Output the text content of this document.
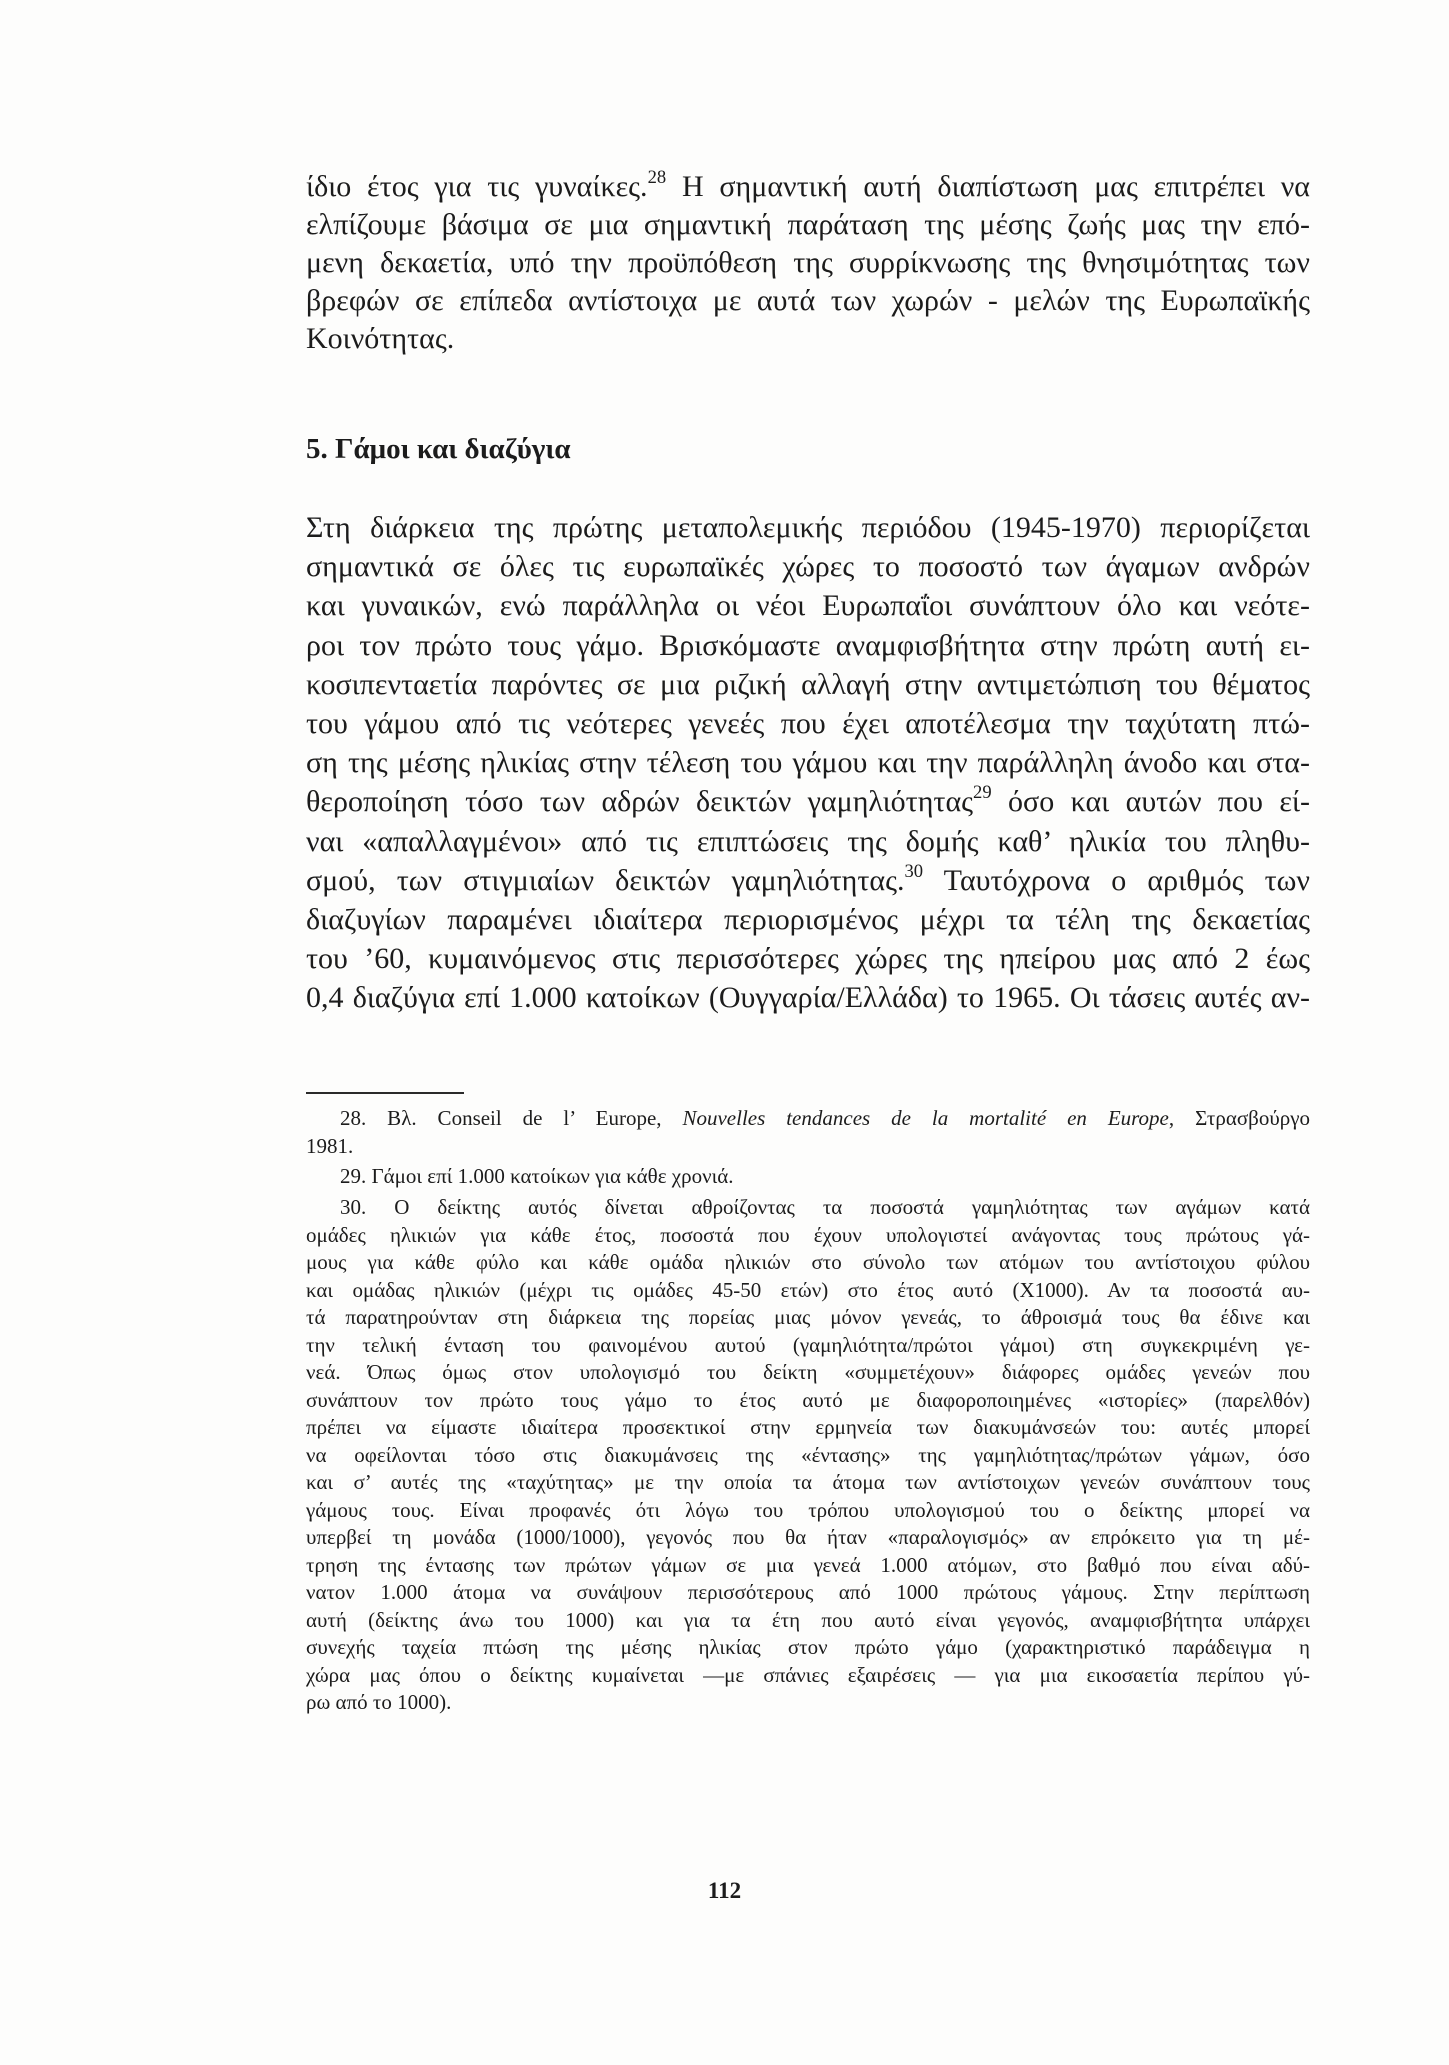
ίδιο έτος για τις γυναίκες.$^{28}$ Η σημαντική αυτή διαπίστωση μας επιτρέπει να
ελπίζουμε βάσιμα σε μια σημαντική παράταση της μέσης ζωής μας την επό-
μενη δεκαετία, υπό την προϋπόθεση της συρρίκνωσης της θνησιμότητας των
βρεφών σε επίπεδα αντίστοιχα με αυτά των χωρών - μελών της Ευρωπαϊκής
Κοινότητας.
5. Γάμοι και διαζύγια
Στη διάρκεια της πρώτης μεταπολεμικής περιόδου (1945-1970) περιορίζεται
σημαντικά σε όλες τις ευρωπαϊκές χώρες το ποσοστό των άγαμων ανδρών
και γυναικών, ενώ παράλληλα οι νέοι Ευρωπαΐοι συνάπτουν όλο και νεότε-
ροι τον πρώτο τους γάμο. Βρισκόμαστε αναμφισβήτητα στην πρώτη αυτή ει-
κοσιπενταετία παρόντες σε μια ριζική αλλαγή στην αντιμετώπιση του θέματος
του γάμου από τις νεότερες γενεές που έχει αποτέλεσμα την ταχύτατη πτώ-
ση της μέσης ηλικίας στην τέλεση του γάμου και την παράλληλη άνοδο και στα-
θεροποίηση τόσο των αδρών δεικτών γαμηλιότητας$^{29}$ όσο και αυτών που εί-
ναι «απαλλαγμένοι» από τις επιπτώσεις της δομής καθ’ ηλικία του πληθυ-
σμού, των στιγμιαίων δεικτών γαμηλιότητας.$^{30}$ Ταυτόχρονα ο αριθμός των
διαζυγίων παραμένει ιδιαίτερα περιορισμένος μέχρι τα τέλη της δεκαετίας
του ’60, κυμαινόμενος στις περισσότερες χώρες της ηπείρου μας από 2 έως
0,4 διαζύγια επί 1.000 κατοίκων (Ουγγαρία/Ελλάδα) το 1965. Οι τάσεις αυτές αν-
28. Βλ. Conseil de l’ Europe, Nouvelles tendances de la mortalité en Europe, Στρασβούργο
1981.
29. Γάμοι επί 1.000 κατοίκων για κάθε χρονιά.
30. Ο δείκτης αυτός δίνεται αθροίζοντας τα ποσοστά γαμηλιότητας των αγάμων κατά
ομάδες ηλικιών για κάθε έτος, ποσοστά που έχουν υπολογιστεί ανάγοντας τους πρώτους γά-
μους για κάθε φύλο και κάθε ομάδα ηλικιών στο σύνολο των ατόμων του αντίστοιχου φύλου
και ομάδας ηλικιών (μέχρι τις ομάδες 45-50 ετών) στο έτος αυτό (Χ1000). Αν τα ποσοστά αυ-
τά παρατηρούνταν στη διάρκεια της πορείας μιας μόνον γενεάς, το άθροισμά τους θα έδινε και
την τελική ένταση του φαινομένου αυτού (γαμηλιότητα/πρώτοι γάμοι) στη συγκεκριμένη γε-
νεά. Όπως όμως στον υπολογισμό του δείκτη «συμμετέχουν» διάφορες ομάδες γενεών που
συνάπτουν τον πρώτο τους γάμο το έτος αυτό με διαφοροποιημένες «ιστορίες» (παρελθόν)
πρέπει να είμαστε ιδιαίτερα προσεκτικοί στην ερμηνεία των διακυμάνσεών του: αυτές μπορεί
να οφείλονται τόσο στις διακυμάνσεις της «έντασης» της γαμηλιότητας/πρώτων γάμων, όσο
και σ’ αυτές της «ταχύτητας» με την οποία τα άτομα των αντίστοιχων γενεών συνάπτουν τους
γάμους τους. Είναι προφανές ότι λόγω του τρόπου υπολογισμού του ο δείκτης μπορεί να
υπερβεί τη μονάδα (1000/1000), γεγονός που θα ήταν «παραλογισμός» αν επρόκειτο για τη μέ-
τρηση της έντασης των πρώτων γάμων σε μια γενεά 1.000 ατόμων, στο βαθμό που είναι αδύ-
νατον 1.000 άτομα να συνάψουν περισσότερους από 1000 πρώτους γάμους. Στην περίπτωση
αυτή (δείκτης άνω του 1000) και για τα έτη που αυτό είναι γεγονός, αναμφισβήτητα υπάρχει
συνεχής ταχεία πτώση της μέσης ηλικίας στον πρώτο γάμο (χαρακτηριστικό παράδειγμα η
χώρα μας όπου ο δείκτης κυμαίνεται —με σπάνιες εξαιρέσεις — για μια εικοσαετία περίπου γύ-
ρω από το 1000).
112
